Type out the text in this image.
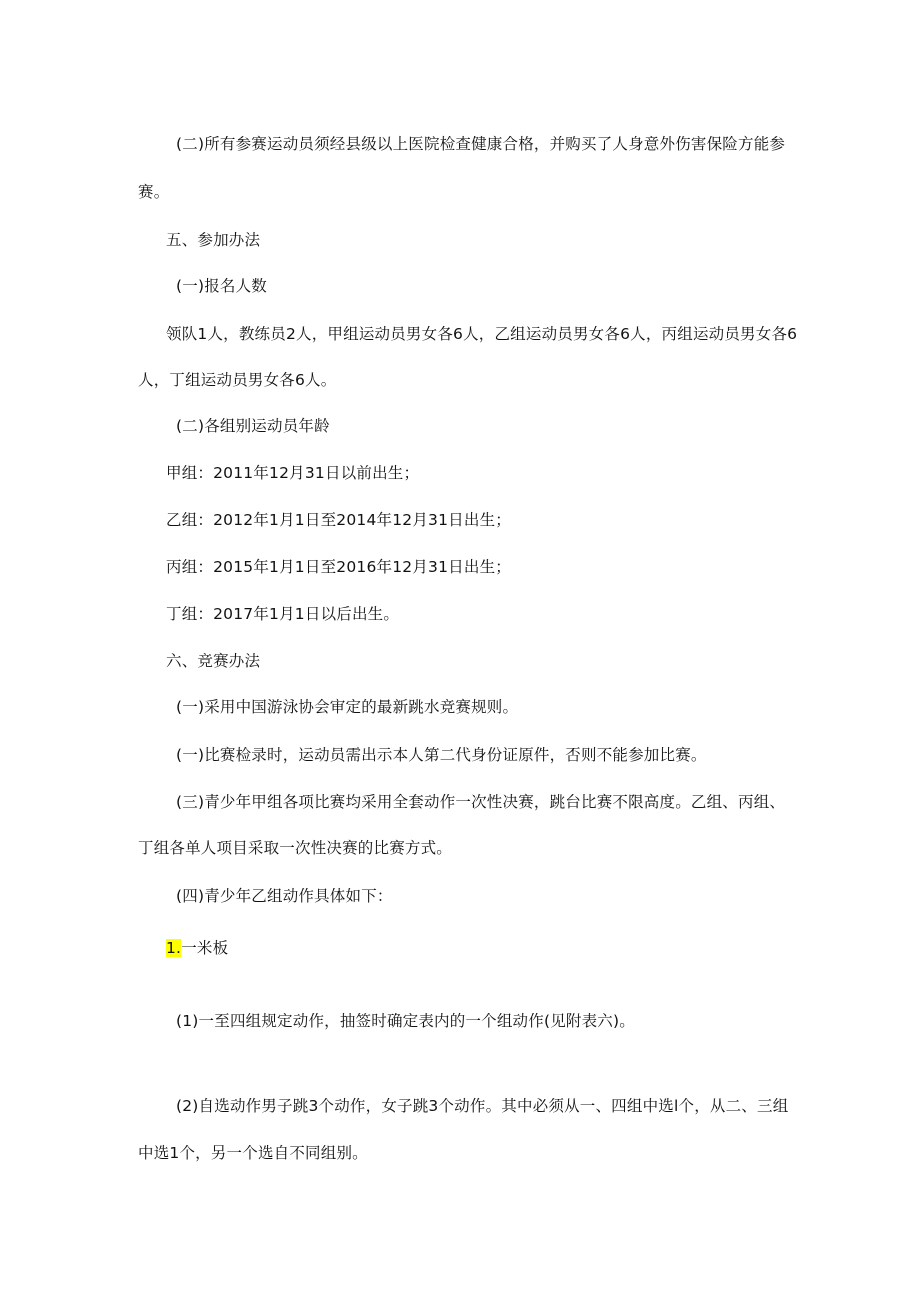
(二)所有参赛运动员须经县级以上医院检查健康合格，并购买了人身意外伤害保险方能参
赛。
五、参加办法
(一)报名人数
领队1人，教练员2人，甲组运动员男女各6人，乙组运动员男女各6人，丙组运动员男女各6
人，丁组运动员男女各6人。
(二)各组别运动员年龄
甲组：2011年12月31日以前出生；
乙组：2012年1月1日至2014年12月31日出生；
丙组：2015年1月1日至2016年12月31日出生；
丁组：2017年1月1日以后出生。
六、竞赛办法
(一)采用中国游泳协会审定的最新跳水竞赛规则。
(一)比赛检录时，运动员需出示本人第二代身份证原件，否则不能参加比赛。
(三)青少年甲组各项比赛均采用全套动作一次性决赛，跳台比赛不限高度。乙组、丙组、
丁组各单人项目采取一次性决赛的比赛方式。
(四)青少年乙组动作具体如下：
1.一米板
(1)一至四组规定动作，抽签时确定表内的一个组动作(见附表六)。
(2)自选动作男子跳3个动作，女子跳3个动作。其中必须从一、四组中选l个，从二、三组
中选1个，另一个选自不同组别。
